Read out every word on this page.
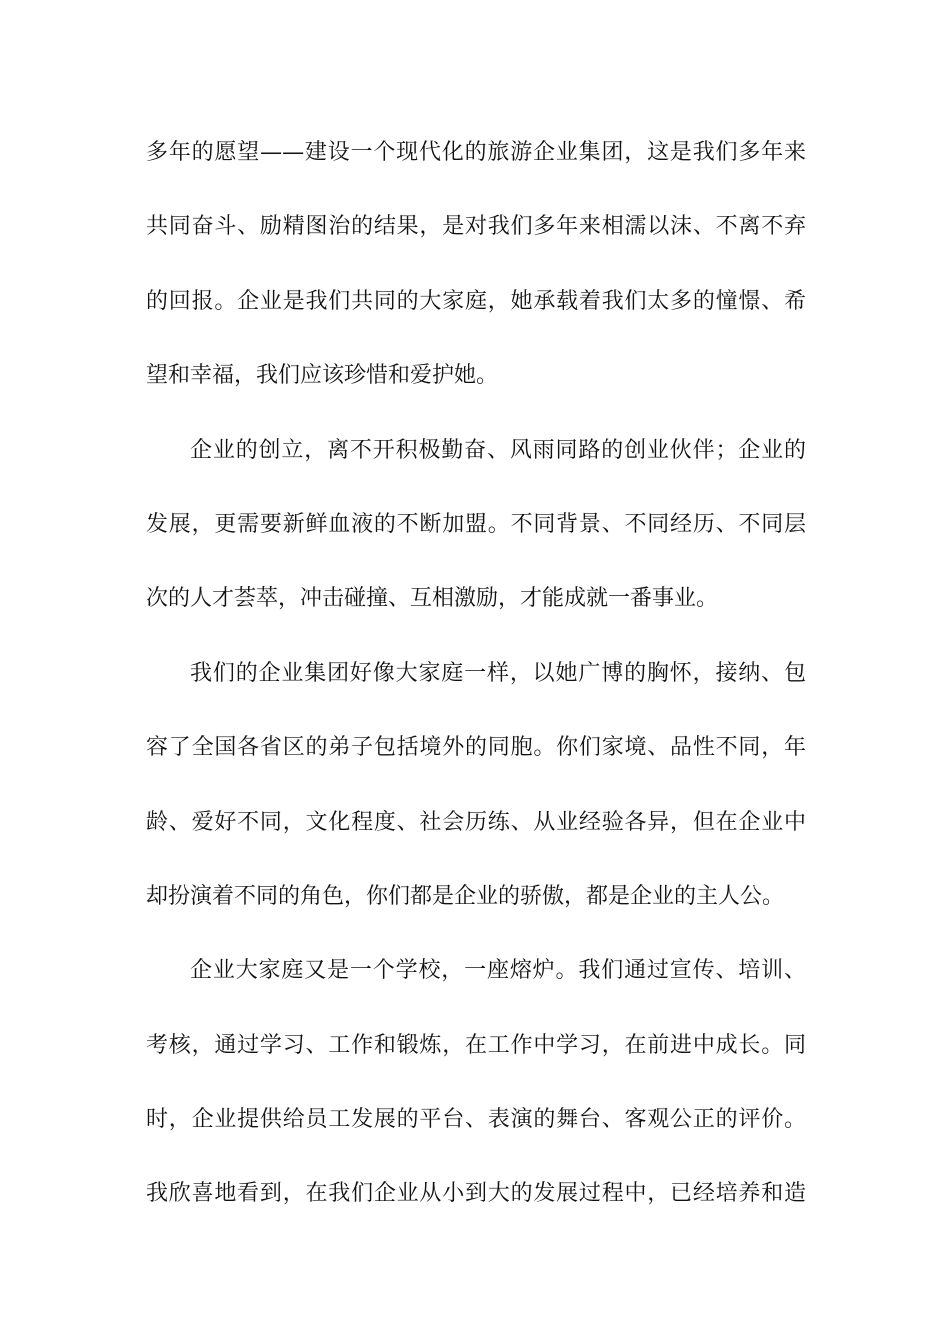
多年的愿望——建设一个现代化的旅游企业集团，这是我们多年来
共同奋斗、励精图治的结果，是对我们多年来相濡以沫、不离不弃
的回报。企业是我们共同的大家庭，她承载着我们太多的憧憬、希
望和幸福，我们应该珍惜和爱护她。
企业的创立，离不开积极勤奋、风雨同路的创业伙伴；企业的
发展，更需要新鲜血液的不断加盟。不同背景、不同经历、不同层
次的人才荟萃，冲击碰撞、互相激励，才能成就一番事业。
我们的企业集团好像大家庭一样，以她广博的胸怀，接纳、包
容了全国各省区的弟子包括境外的同胞。你们家境、品性不同，年
龄、爱好不同，文化程度、社会历练、从业经验各异，但在企业中
却扮演着不同的角色，你们都是企业的骄傲，都是企业的主人公。
企业大家庭又是一个学校，一座熔炉。我们通过宣传、培训、
考核，通过学习、工作和锻炼，在工作中学习，在前进中成长。同
时，企业提供给员工发展的平台、表演的舞台、客观公正的评价。
我欣喜地看到，在我们企业从小到大的发展过程中，已经培养和造
